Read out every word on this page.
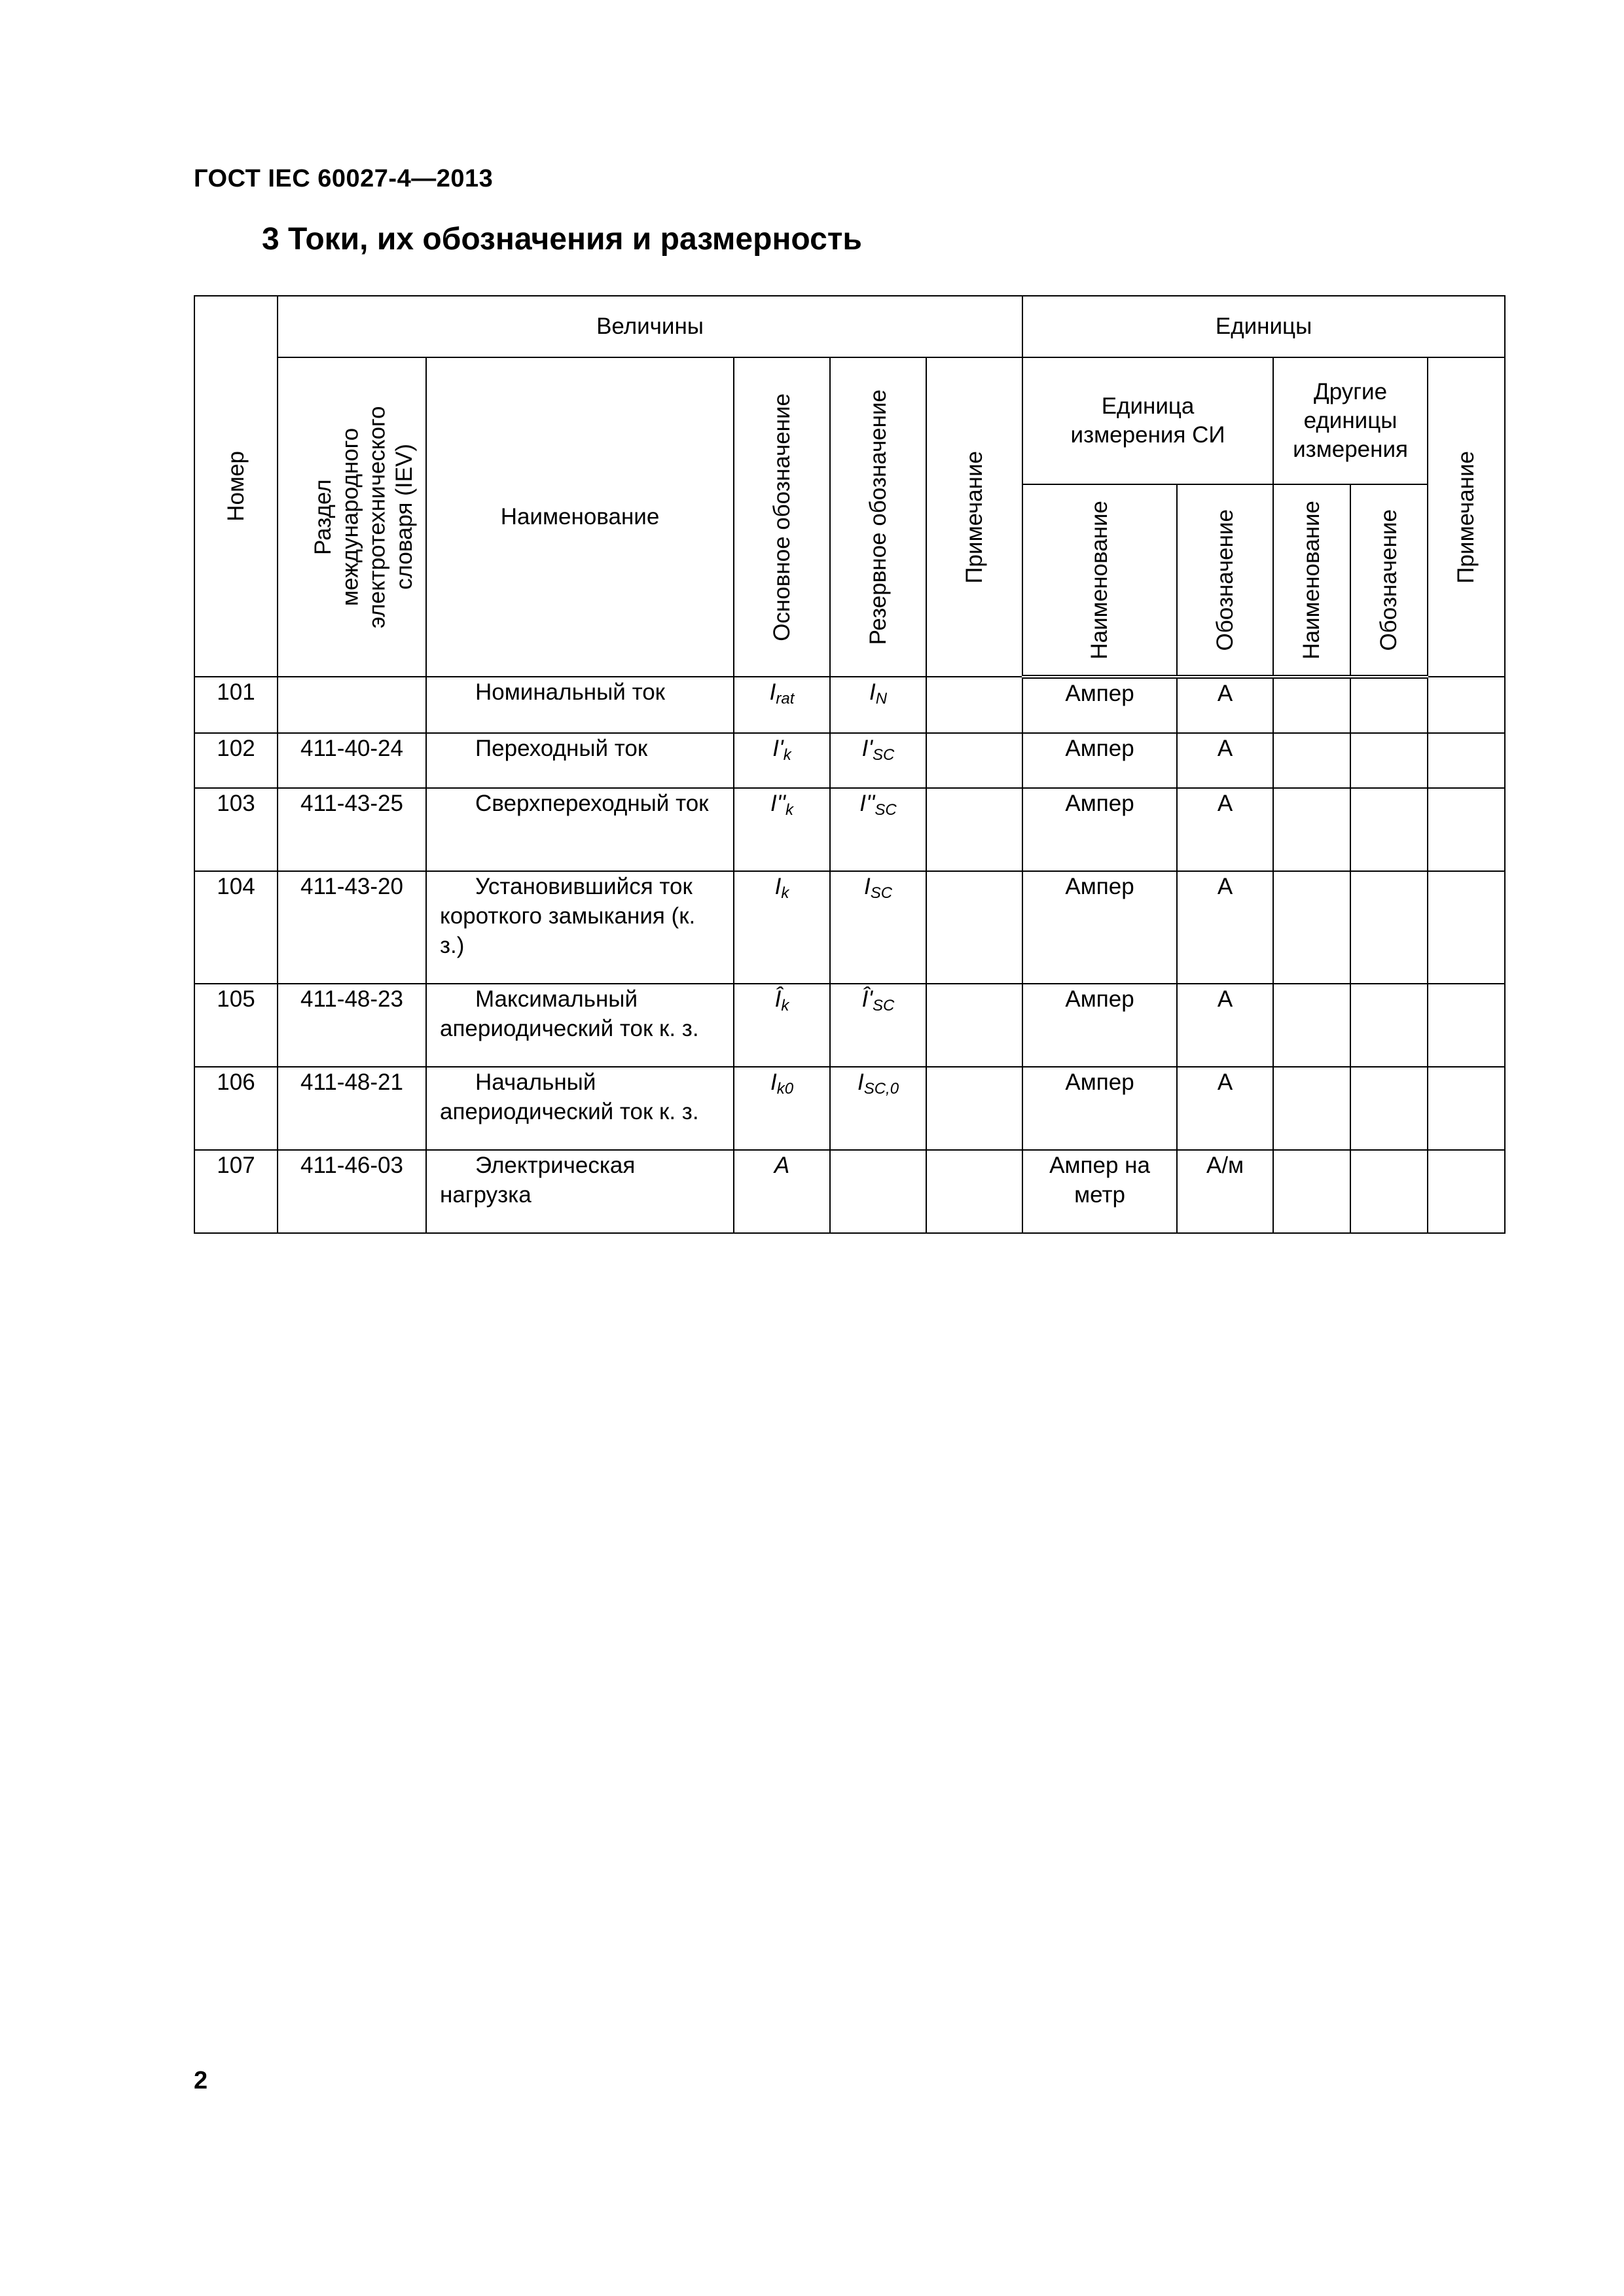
ГОСТ IEC 60027-4—2013
3 Токи, их обозначения и размерность
Номер	Величины					Единицы				

	Раздел международного электротехнического словаря (IEV)	Наименование	Основное обозначение	Резервное обозначение	Примечание	Единица измерения СИ		Другие единицы измерения		Примечание

						Наименование	Обозначение	Наименование	Обозначение	

101		Номинальный ток	$I_{rat}$	$I_N$		Ампер	A			
102	411-40-24	Переходный ток	$I'_k$	$I'_{SC}$		Ампер	A			
103	411-43-25	Сверхпереходный ток	$I''_k$	$I''_{SC}$		Ампер	A			
104	411-43-20	Установившийся ток короткого замыкания (к. з.)	$I_k$	$I_{SC}$		Ампер	A			
105	411-48-23	Максимальный апериодический ток к. з.	$Î_k$	$Î'_{SC}$		Ампер	A			
106	411-48-21	Начальный апериодический ток к. з.	$I_{k0}$	$I_{SC,0}$		Ампер	A			
107	411-46-03	Электрическая нагрузка	A			Ампер на метр	A/м			
2
